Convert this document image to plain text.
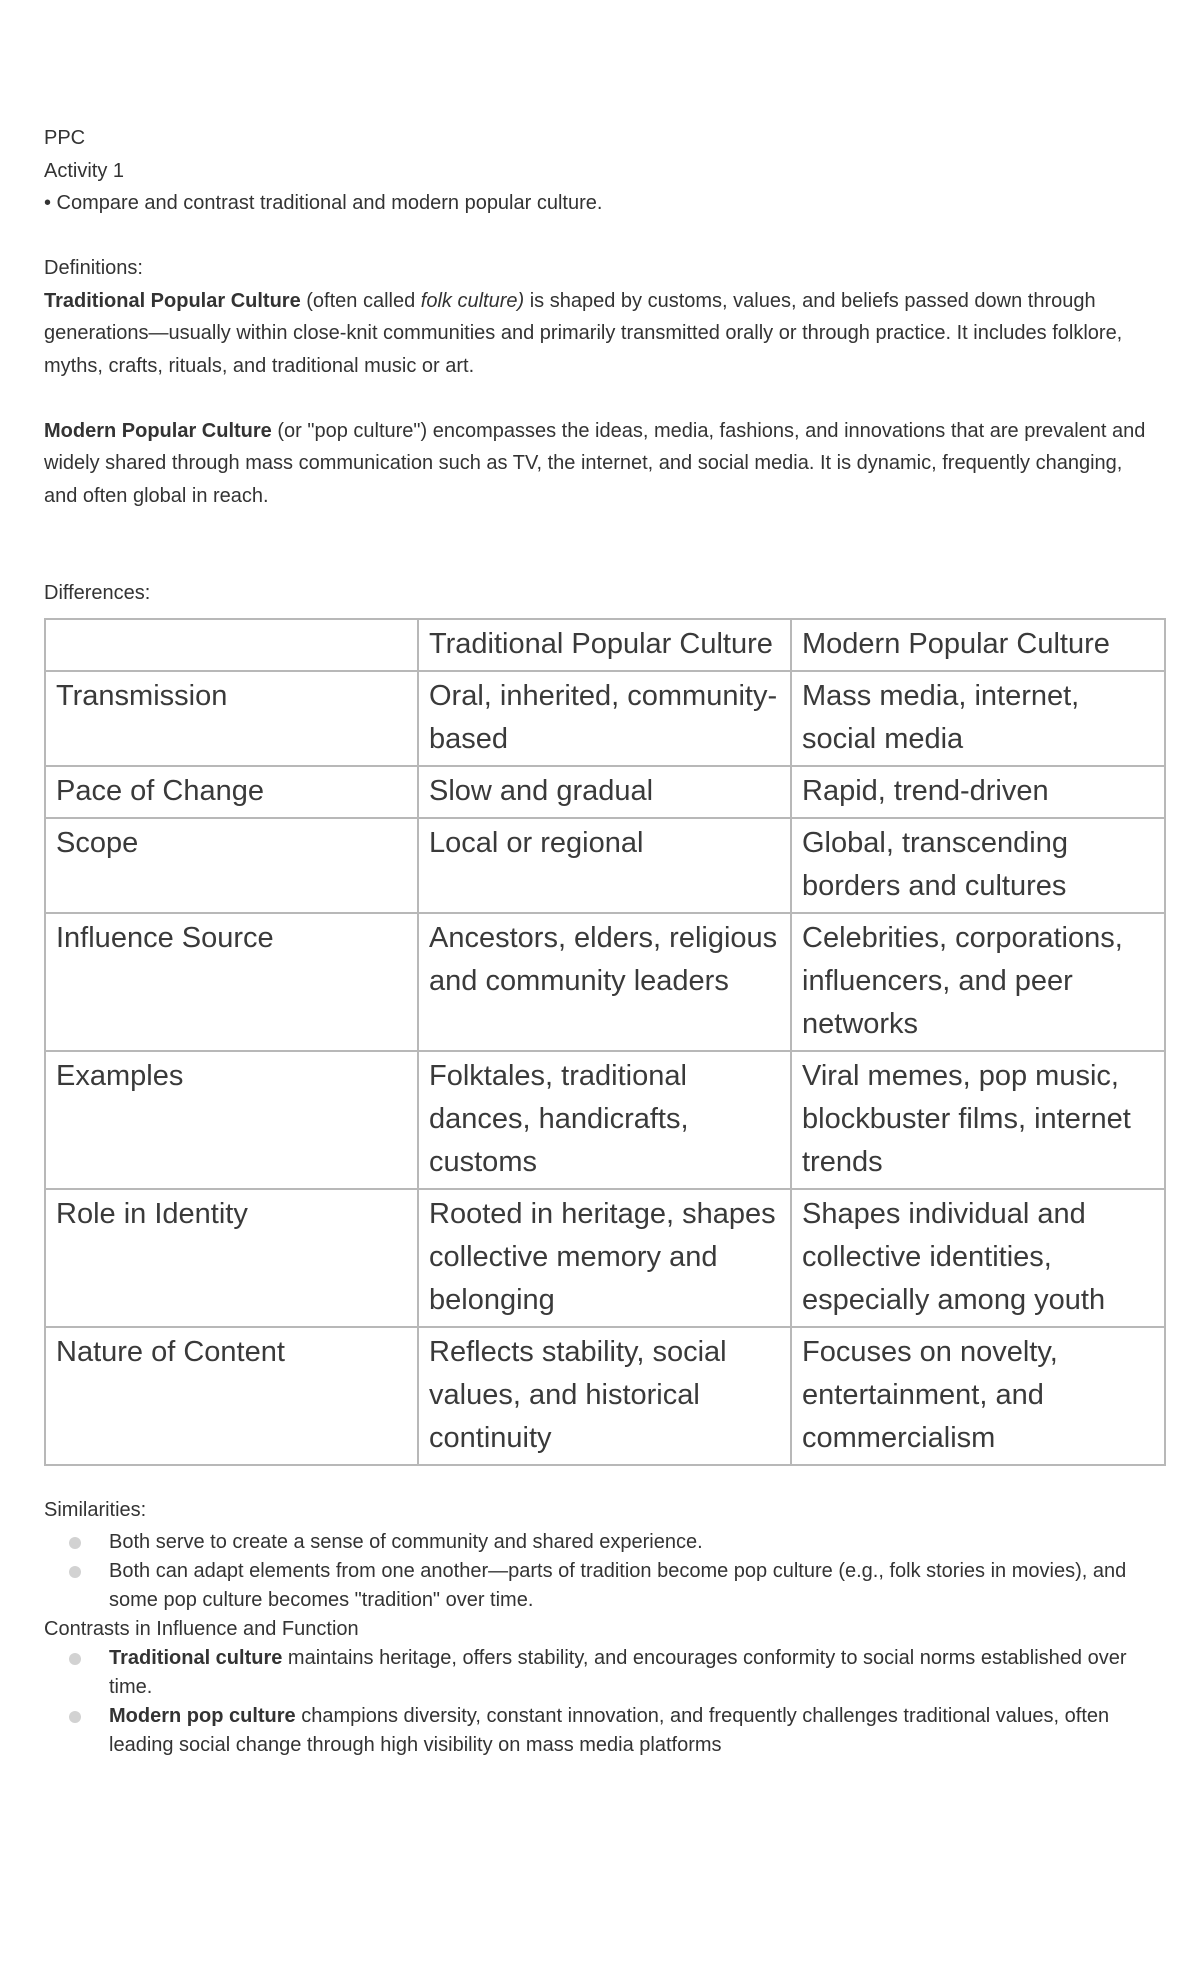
PPC
Activity 1
• Compare and contrast traditional and modern popular culture.
Definitions:

Traditional Popular Culture (often called folk culture) is shaped by customs, values, and beliefs passed down through generations—usually within close-knit communities and primarily transmitted orally or through practice. It includes folklore, myths, crafts, rituals, and traditional music or art.

Modern Popular Culture (or "pop culture") encompasses the ideas, media, fashions, and innovations that are prevalent and widely shared through mass communication such as TV, the internet, and social media. It is dynamic, frequently changing, and often global in reach.

Differences:
	Traditional Popular Culture	Modern Popular Culture
Transmission	Oral, inherited, community-based	Mass media, internet, social media
Pace of Change	Slow and gradual	Rapid, trend-driven
Scope	Local or regional	Global, transcending borders and cultures
Influence Source	Ancestors, elders, religious and community leaders	Celebrities, corporations, influencers, and peer networks
Examples	Folktales, traditional dances, handicrafts, customs	Viral memes, pop music, blockbuster films, internet trends
Role in Identity	Rooted in heritage, shapes collective memory and belonging	Shapes individual and collective identities, especially among youth
Nature of Content	Reflects stability, social values, and historical continuity	Focuses on novelty, entertainment, and commercialism
Similarities:
Both serve to create a sense of community and shared experience.
Both can adapt elements from one another—parts of tradition become pop culture (e.g., folk stories in movies), and some pop culture becomes "tradition" over time.
Contrasts in Influence and Function
Traditional culture maintains heritage, offers stability, and encourages conformity to social norms established over time.
Modern pop culture champions diversity, constant innovation, and frequently challenges traditional values, often leading social change through high visibility on mass media platforms
